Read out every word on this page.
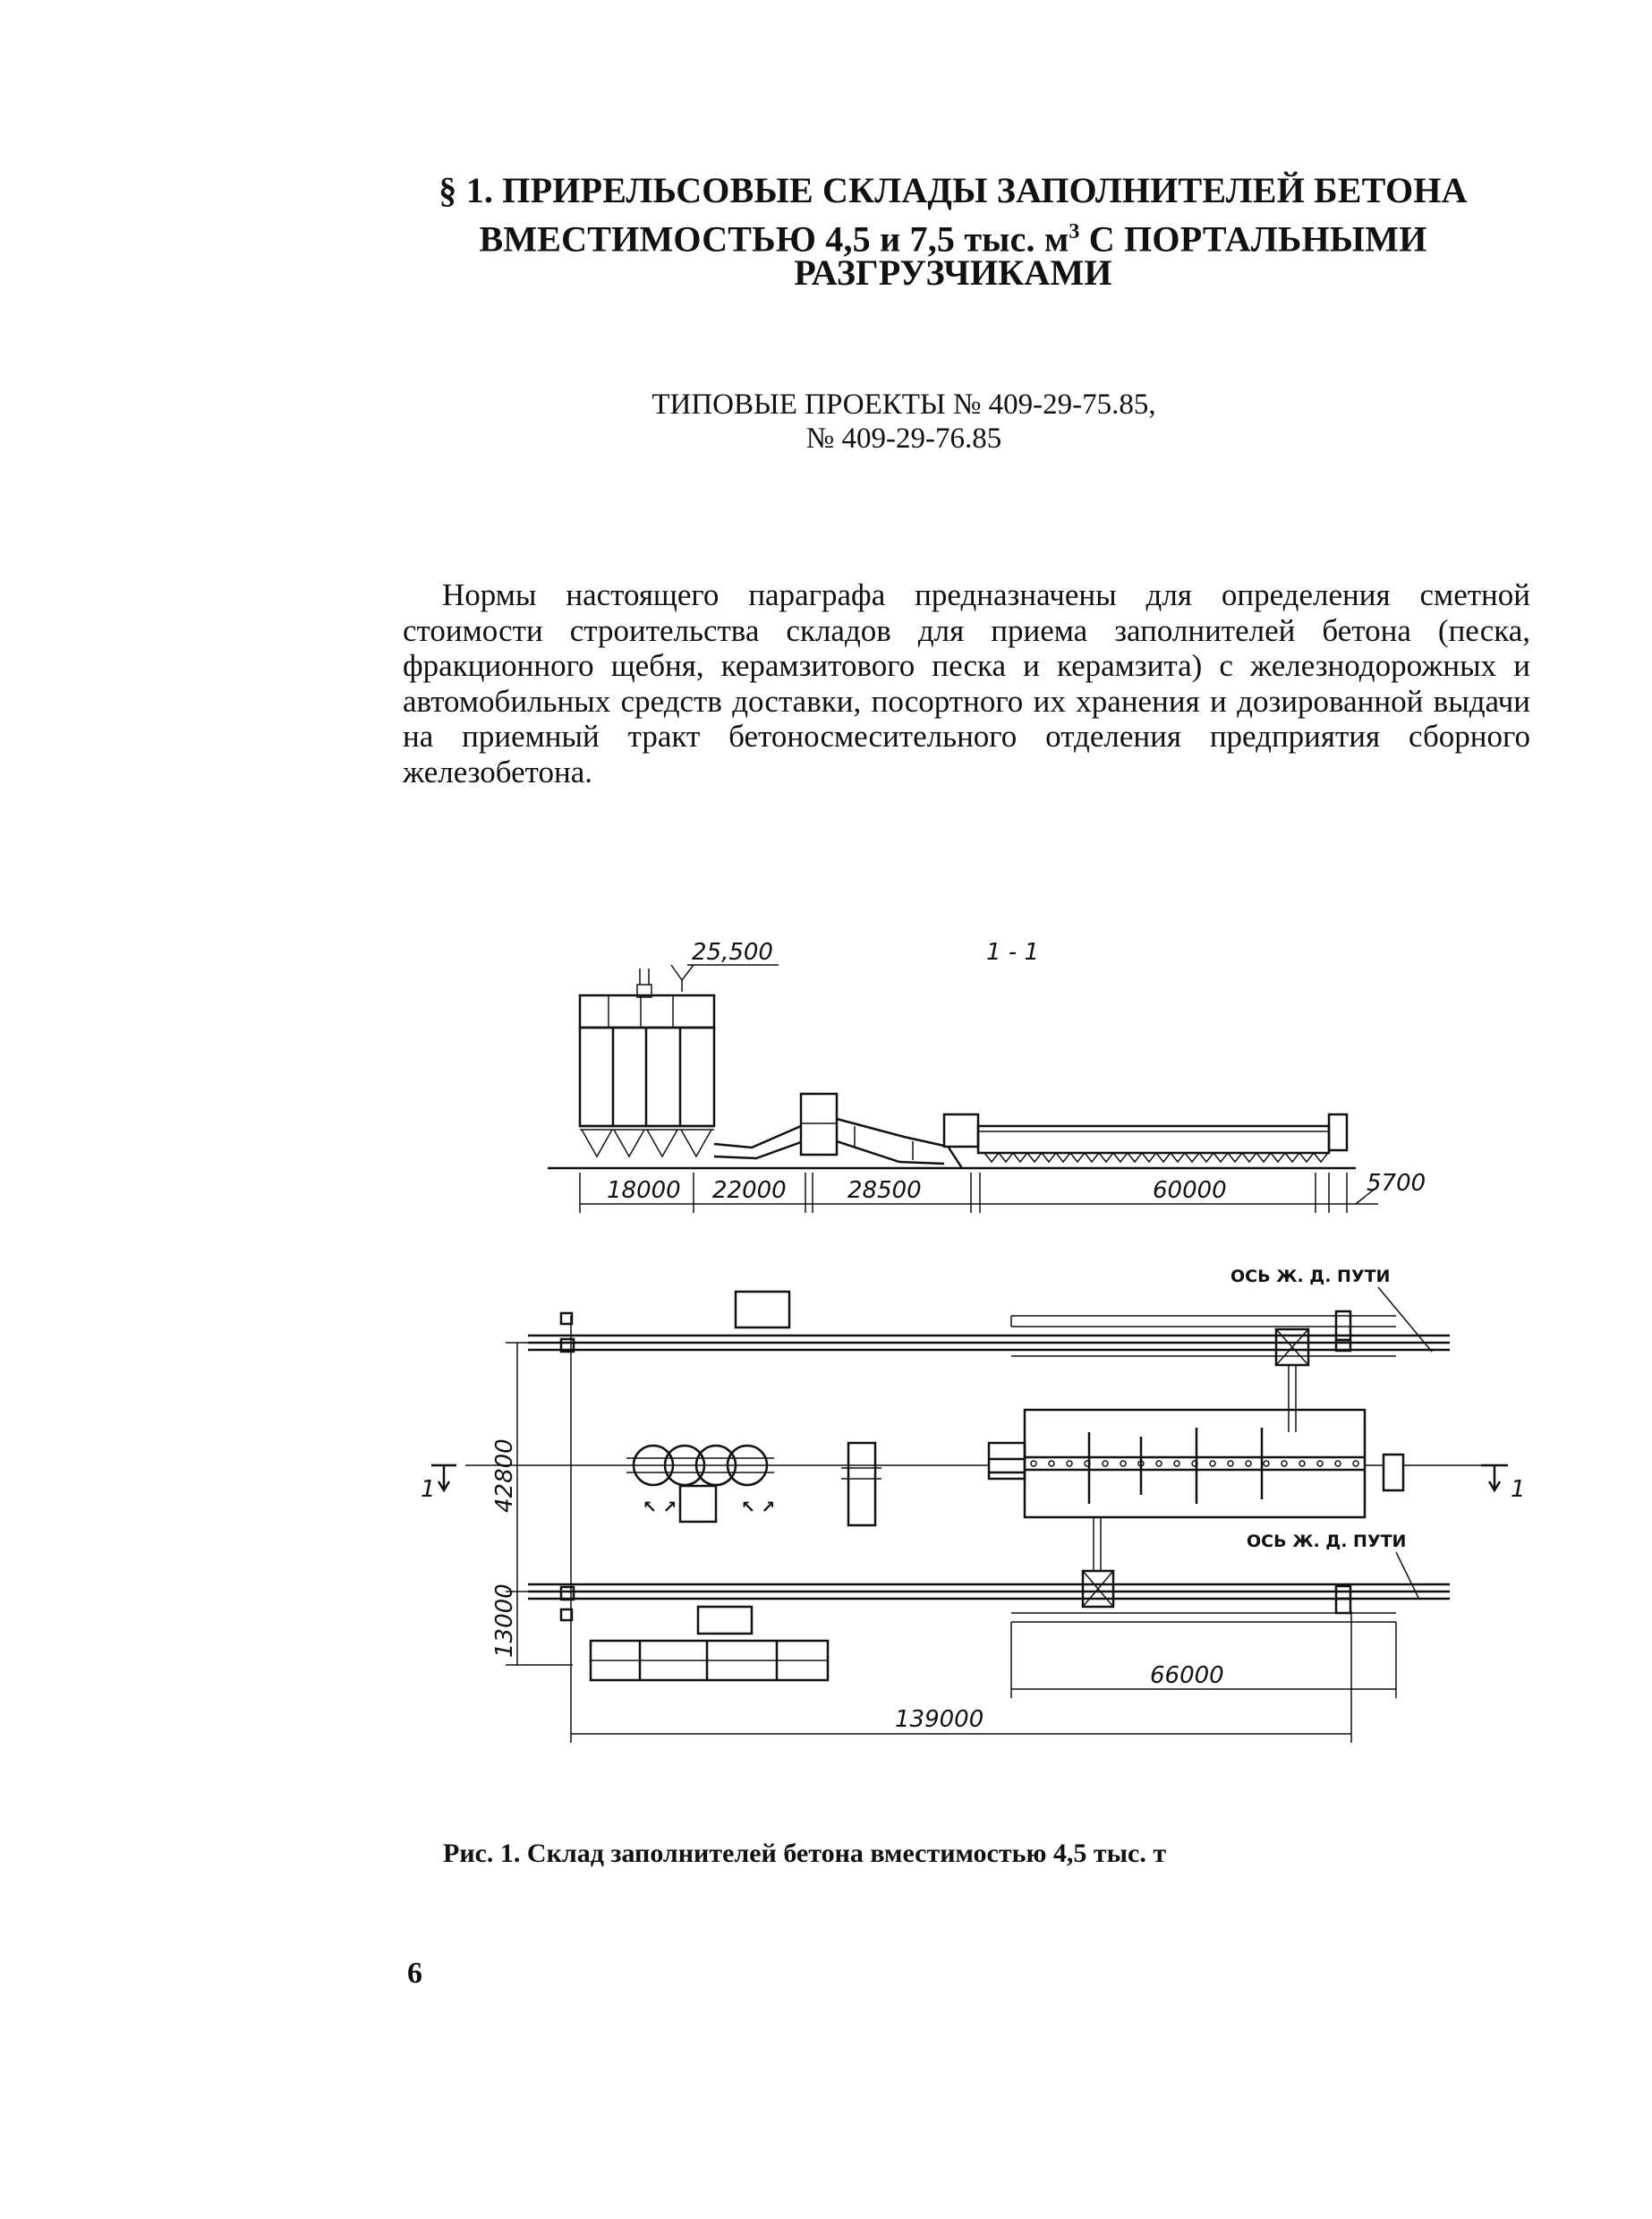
§ 1. ПРИРЕЛЬСОВЫЕ СКЛАДЫ ЗАПОЛНИТЕЛЕЙ БЕТОНА
ВМЕСТИМОСТЬЮ 4,5 и 7,5 тыс. $м^3$ С ПОРТАЛЬНЫМИ
РАЗГРУЗЧИКАМИ
ТИПОВЫЕ ПРОЕКТЫ № 409-29-75.85,
№ 409-29-76.85
Нормы настоящего параграфа предназначены для определения сметной стоимости строительства складов для приема заполнителей бетона (песка, фракционного щебня, керамзитового песка и керамзита) с железнодорожных и автомобильных средств доставки, посортного их хранения и дозированной выдачи на приемный тракт бетоносмесительного отделения предприятия сборного железобетона.
25,500	1 - 1
18000 22000	28500	60000	5700
ОСЬ Ж. Д. ПУТИ
ОСЬ Ж. Д. ПУТИ
↖ ↗	↖ ↗
1	1
42800
13000
66000
139000
Рис. 1. Склад заполнителей бетона вместимостью 4,5 тыс. т
6
